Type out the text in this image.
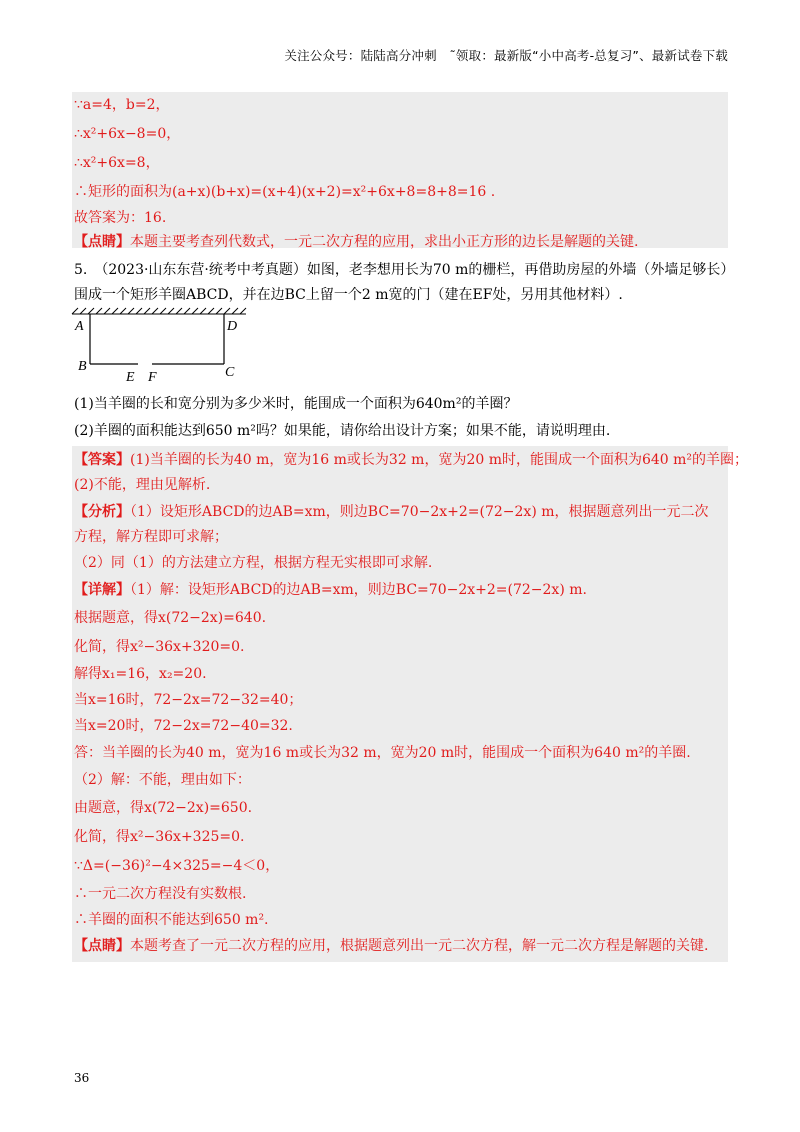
关注公众号：陆陆高分冲刺　˜领取：最新版“小中高考-总复习”、最新试卷下载
∵a=4，b=2，
∴x²+6x−8=0，
∴x²+6x=8，
∴矩形的面积为(a+x)(b+x)=(x+4)(x+2)=x²+6x+8=8+8=16 .
故答案为：16.
【点睛】本题主要考查列代数式，一元二次方程的应用，求出小正方形的边长是解题的关键.
5.　（2023·山东东营·统考中考真题）如图，老李想用长为70 m的栅栏，再借助房屋的外墙（外墙足够长）
围成一个矩形羊圈ABCD，并在边BC上留一个2 m宽的门（建在EF处，另用其他材料）.
A	D
B	C
E F
(1)当羊圈的长和宽分别为多少米时，能围成一个面积为640m²的羊圈？
(2)羊圈的面积能达到650 m²吗？如果能，请你给出设计方案；如果不能，请说明理由.
【答案】(1)当羊圈的长为40 m，宽为16 m或长为32 m，宽为20 m时，能围成一个面积为640 m²的羊圈；
(2)不能，理由见解析.
【分析】（1）设矩形ABCD的边AB=xm，则边BC=70−2x+2=(72−2x) m，根据题意列出一元二次
方程，解方程即可求解；
（2）同（1）的方法建立方程，根据方程无实根即可求解.
【详解】（1）解：设矩形ABCD的边AB=xm，则边BC=70−2x+2=(72−2x) m.
根据题意，得x(72−2x)=640.
化简，得x²−36x+320=0.
解得x₁=16，x₂=20.
当x=16时，72−2x=72−32=40；
当x=20时，72−2x=72−40=32.
答：当羊圈的长为40 m，宽为16 m或长为32 m，宽为20 m时，能围成一个面积为640 m²的羊圈.
（2）解：不能，理由如下：
由题意，得x(72−2x)=650.
化简，得x²−36x+325=0.
∵Δ=(−36)²−4×325=−4＜0，
∴一元二次方程没有实数根.
∴羊圈的面积不能达到650 m².
【点睛】本题考查了一元二次方程的应用，根据题意列出一元二次方程，解一元二次方程是解题的关键.
36
